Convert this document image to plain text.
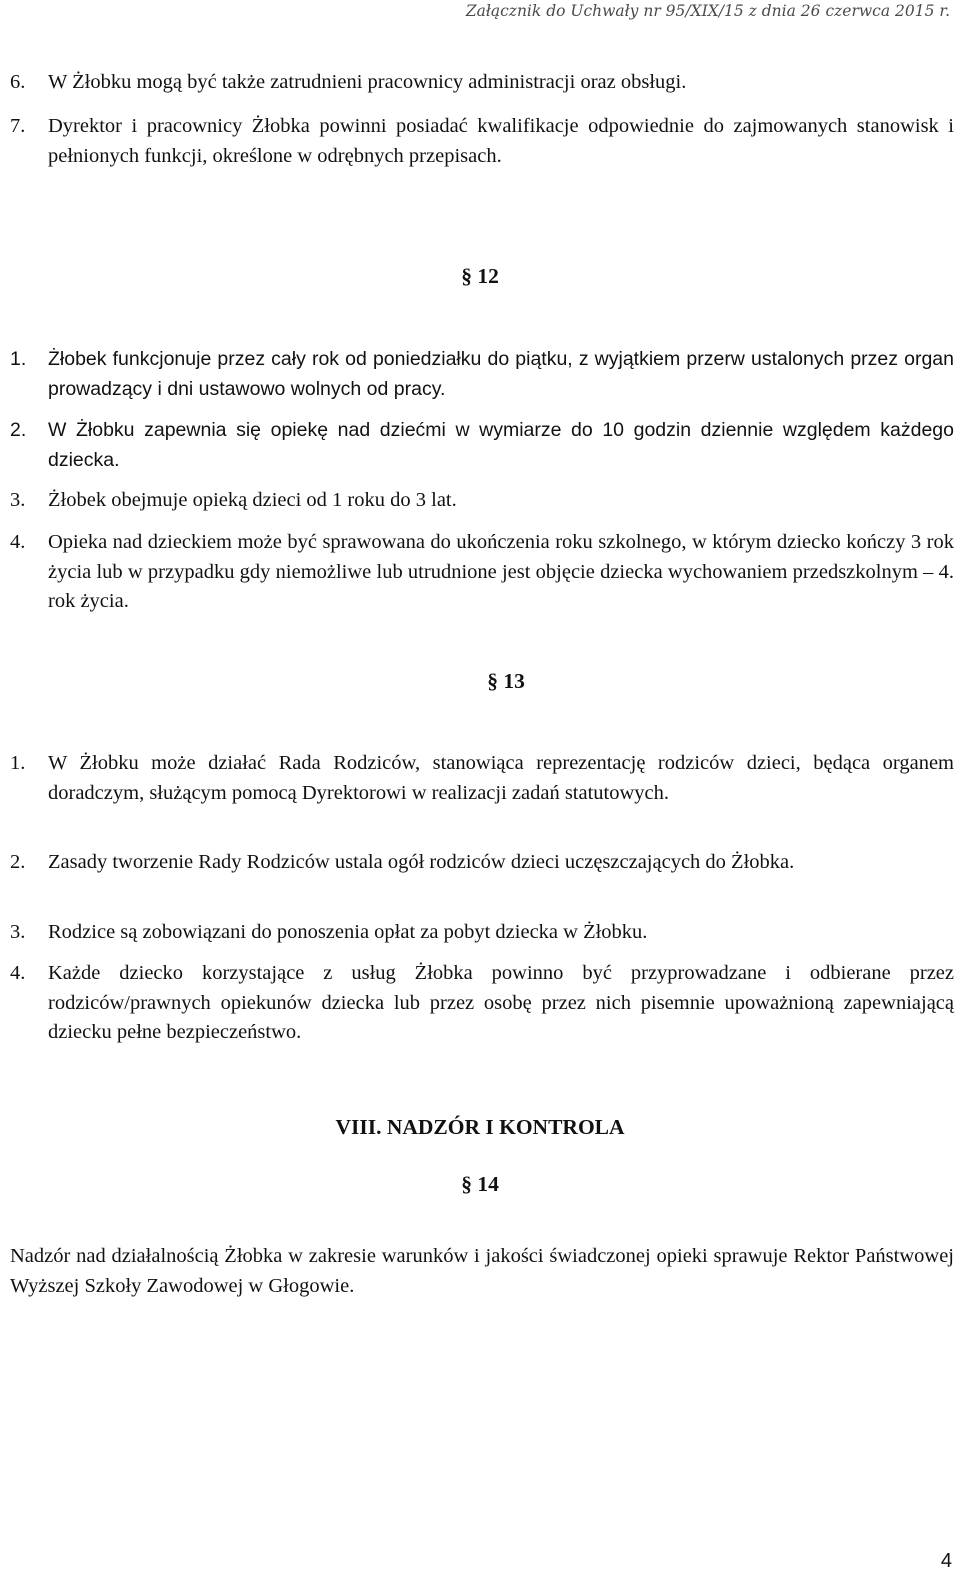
Załącznik do Uchwały nr 95/XIX/15 z dnia 26 czerwca 2015 r.
6. W Żłobku mogą być także zatrudnieni pracownicy administracji oraz obsługi.
7. Dyrektor i pracownicy Żłobka powinni posiadać kwalifikacje odpowiednie do zajmowanych stanowisk i pełnionych funkcji, określone w odrębnych przepisach.
§ 12
1. Żłobek funkcjonuje przez cały rok od poniedziałku do piątku, z wyjątkiem przerw ustalonych przez organ prowadzący i dni ustawowo wolnych od pracy.
2. W Żłobku zapewnia się opiekę nad dziećmi w wymiarze do 10 godzin dziennie względem każdego dziecka.
3. Żłobek obejmuje opieką dzieci od 1 roku do 3 lat.
4. Opieka nad dzieckiem może być sprawowana do ukończenia roku szkolnego, w którym dziecko kończy 3 rok życia lub w przypadku gdy niemożliwe lub utrudnione jest objęcie dziecka wychowaniem przedszkolnym – 4. rok życia.
§ 13
1. W Żłobku może działać Rada Rodziców, stanowiąca reprezentację rodziców dzieci, będąca organem doradczym, służącym pomocą Dyrektorowi w realizacji zadań statutowych.
2. Zasady tworzenie Rady Rodziców ustala ogół rodziców dzieci uczęszczających do Żłobka.
3. Rodzice są zobowiązani do ponoszenia opłat za pobyt dziecka w Żłobku.
4. Każde dziecko korzystające z usług Żłobka powinno być przyprowadzane i odbierane przez rodziców/prawnych opiekunów dziecka lub przez osobę przez nich pisemnie upoważnioną zapewniającą dziecku pełne bezpieczeństwo.
VIII. NADZÓR I KONTROLA
§ 14
Nadzór nad działalnością Żłobka w zakresie warunków i jakości świadczonej opieki sprawuje Rektor Państwowej Wyższej Szkoły Zawodowej w Głogowie.
4
